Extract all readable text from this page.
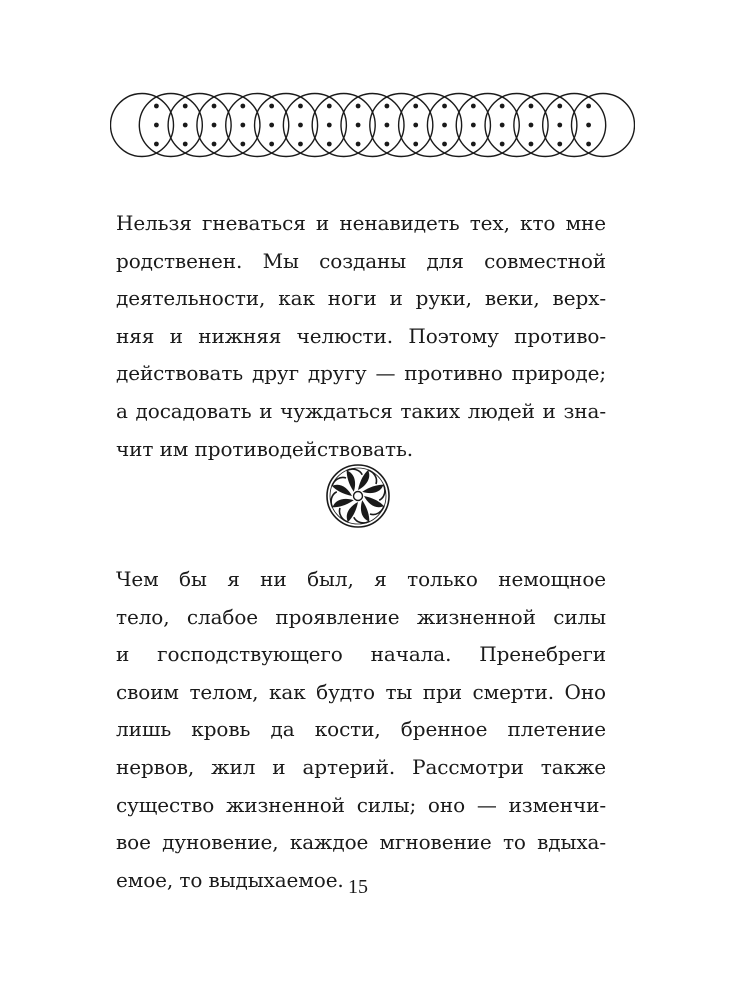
Нельзя гневаться и ненавидеть тех, кто мне
родственен. Мы созданы для совместной
деятельности, как ноги и руки, веки, верх-
няя и нижняя челюсти. Поэтому противо-
действовать друг другу — противно природе;
а досадовать и чуждаться таких людей и зна-
чит им противодействовать.

Чем бы я ни был, я только немощное
тело, слабое проявление жизненной силы
и господствующего начала. Пренебреги
своим телом, как будто ты при смерти. Оно
лишь кровь да кости, бренное плетение
нервов, жил и артерий. Рассмотри также
существо жизненной силы; оно — изменчи-
вое дуновение, каждое мгновение то вдыха-
емое, то выдыхаемое. 15
